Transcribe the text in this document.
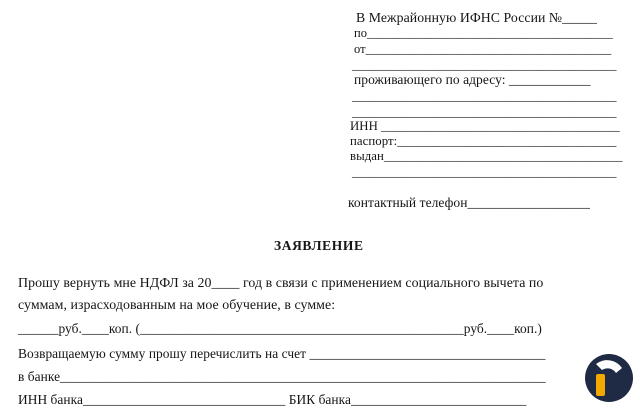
В Межрайонную ИФНС России №_____
по_______________________________________
от_______________________________________
__________________________________________
проживающего по адресу: ____________
__________________________________________
__________________________________________
ИНН _____________________________________
паспорт:__________________________________
выдан_____________________________________
__________________________________________
контактный телефон__________________
ЗАЯВЛЕНИЕ
Прошу вернуть мне НДФЛ за 20____ год в связи с применением социального вычета по
суммам, израсходованным на мое обучение, в сумме:
______руб.____коп. (________________________________________________руб.____коп.)
Возвращаемую сумму прошу перечислить на счет ___________________________________
в банке________________________________________________________________________
ИНН банка______________________________ БИК банка__________________________
